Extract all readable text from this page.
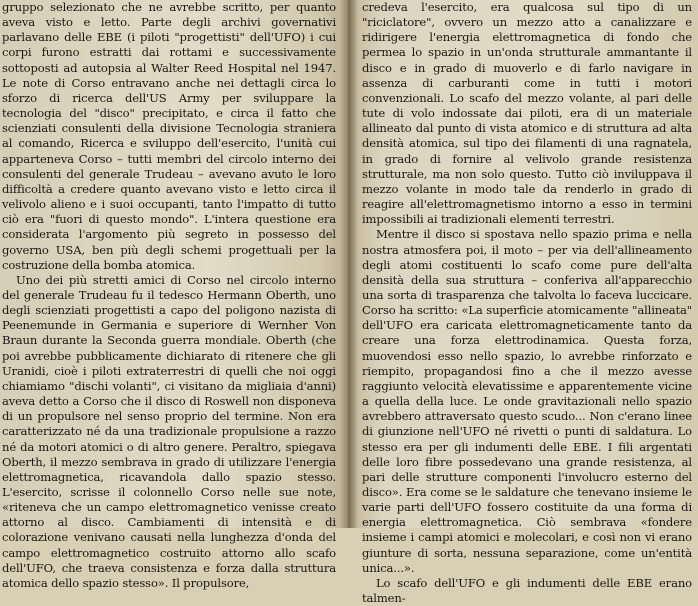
gruppo selezionato che ne avrebbe scritto, per quanto aveva visto e letto. Parte degli archivi governativi parlavano delle EBE (i piloti "progettisti" dell'UFO) i cui corpi furono estratti dai rottami e successivamente sottoposti ad autopsia al Walter Reed Hospital nel 1947. Le note di Corso entravano anche nei dettagli circa lo sforzo di ricerca dell'US Army per sviluppare la tecnologia del "disco" precipitato, e circa il fatto che scienziati consulenti della divisione Tecnologia straniera al comando, Ricerca e sviluppo dell'esercito, l'unità cui apparteneva Corso – tutti membri del circolo interno dei consulenti del generale Trudeau – avevano avuto le loro difficoltà a credere quanto avevano visto e letto circa il velivolo alieno e i suoi occupanti, tanto l'impatto di tutto ciò era "fuori di questo mondo". L'intera questione era considerata l'argomento più segreto in possesso del governo USA, ben più degli schemi progettuali per la costruzione della bomba atomica.

Uno dei più stretti amici di Corso nel circolo interno del generale Trudeau fu il tedesco Hermann Oberth, uno degli scienziati progettisti a capo del poligono nazista di Peenemunde in Germania e superiore di Wernher Von Braun durante la Seconda guerra mondiale. Oberth (che poi avrebbe pubblicamente dichiarato di ritenere che gli Uranidi, cioè i piloti extraterrestri di quelli che noi oggi chiamiamo "dischi volanti", ci visitano da migliaia d'anni) aveva detto a Corso che il disco di Roswell non disponeva di un propulsore nel senso proprio del termine. Non era caratterizzato né da una tradizionale propulsione a razzo né da motori atomici o di altro genere. Peraltro, spiegava Oberth, il mezzo sembrava in grado di utilizzare l'energia elettromagnetica, ricavandola dallo spazio stesso. L'esercito, scrisse il colonnello Corso nelle sue note, «riteneva che un campo elettromagnetico venisse creato attorno al disco. Cambiamenti di intensità e di colorazione venivano causati nella lunghezza d'onda del campo elettromagnetico costruito attorno allo scafo dell'UFO, che traeva consistenza e forza dalla struttura atomica dello spazio stesso». Il propulsore,

credeva l'esercito, era qualcosa sul tipo di un "riciclatore", ovvero un mezzo atto a canalizzare e ridirigere l'energia elettromagnetica di fondo che permea lo spazio in un'onda strutturale ammantante il disco e in grado di muoverlo e di farlo navigare in assenza di carburanti come in tutti i motori convenzionali. Lo scafo del mezzo volante, al pari delle tute di volo indossate dai piloti, era di un materiale allineato dal punto di vista atomico e di struttura ad alta densità atomica, sul tipo dei filamenti di una ragnatela, in grado di fornire al velivolo grande resistenza strutturale, ma non solo questo. Tutto ciò inviluppava il mezzo volante in modo tale da renderlo in grado di reagire all'elettromagnetismo intorno a esso in termini impossibili ai tradizionali elementi terrestri.

Mentre il disco si spostava nello spazio prima e nella nostra atmosfera poi, il moto – per via dell'allineamento degli atomi costituenti lo scafo come pure dell'alta densità della sua struttura – conferiva all'apparecchio una sorta di trasparenza che talvolta lo faceva luccicare. Corso ha scritto: «La superficie atomicamente "allineata" dell'UFO era caricata elettromagneticamente tanto da creare una forza elettrodinamica. Questa forza, muovendosi esso nello spazio, lo avrebbe rinforzato e riempito, propagandosi fino a che il mezzo avesse raggiunto velocità elevatissime e apparentemente vicine a quella della luce. Le onde gravitazionali nello spazio avrebbero attraversato questo scudo... Non c'erano linee di giunzione nell'UFO né rivetti o punti di saldatura. Lo stesso era per gli indumenti delle EBE. I fili argentati delle loro fibre possedevano una grande resistenza, al pari delle strutture componenti l'involucro esterno del disco». Era come se le saldature che tenevano insieme le varie parti dell'UFO fossero costituite da una forma di energia elettromagnetica. Ciò sembrava «fondere insieme i campi atomici e molecolari, e così non vi erano giunture di sorta, nessuna separazione, come un'entità unica...».

Lo scafo dell'UFO e gli indumenti delle EBE erano talmen-
